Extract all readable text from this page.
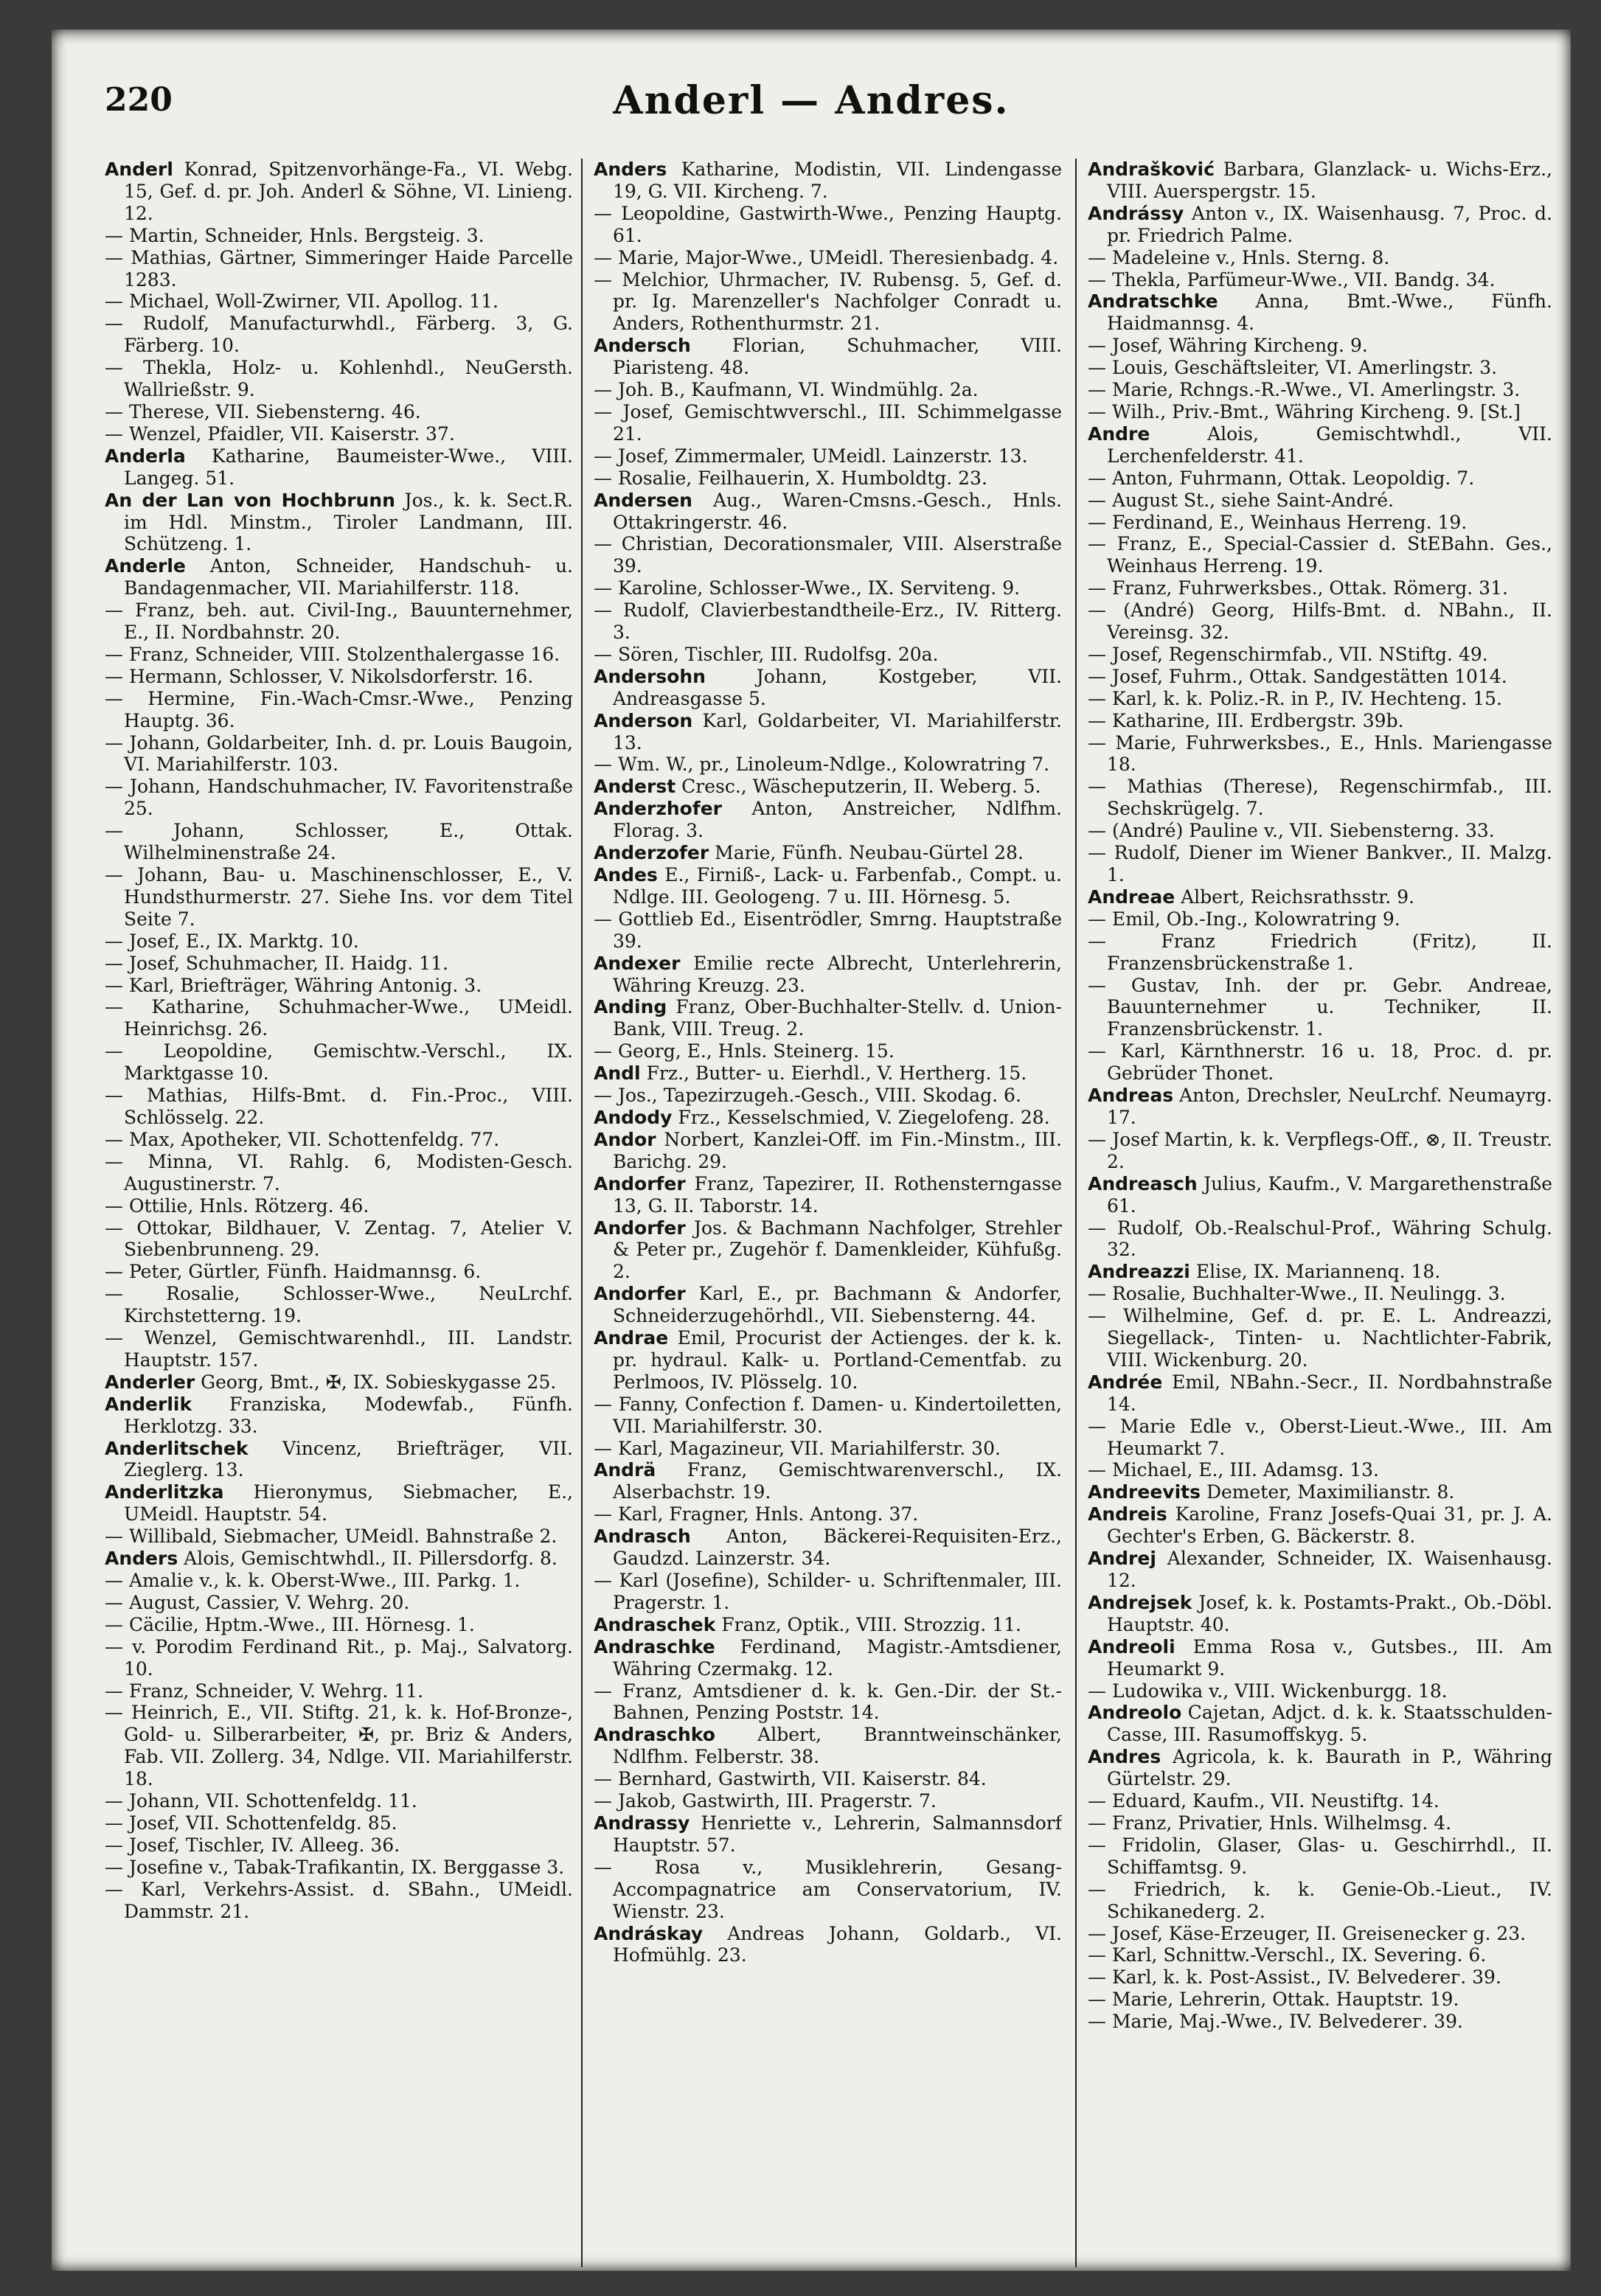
220	Anderl — Andres.

Anderl Konrad, Spitzenvorhänge-Fa., VI. Webg. 15, Gef. d. pr. Joh. Anderl & Söhne, VI. Linieng. 12.

— Martin, Schneider, Hnls. Bergsteig. 3.

— Mathias, Gärtner, Simmeringer Haide Parcelle 1283.

— Michael, Woll-Zwirner, VII. Apollog. 11.

— Rudolf, Manufacturwhdl., Färberg. 3, G. Färberg. 10.

— Thekla, Holz- u. Kohlenhdl., NeuGersth. Wallrießstr. 9.

— Therese, VII. Siebensterng. 46.

— Wenzel, Pfaidler, VII. Kaiserstr. 37.

Anderla Katharine, Baumeister-Wwe., VIII. Langeg. 51.

An der Lan von Hochbrunn Jos., k. k. Sect.R. im Hdl. Minstm., Tiroler Landmann, III. Schützeng. 1.

Anderle Anton, Schneider, Handschuh- u. Bandagenmacher, VII. Mariahilferstr. 118.

— Franz, beh. aut. Civil-Ing., Bauunternehmer, E., II. Nordbahnstr. 20.

— Franz, Schneider, VIII. Stolzenthalergasse 16.

— Hermann, Schlosser, V. Nikolsdorferstr. 16.

— Hermine, Fin.-Wach-Cmsr.-Wwe., Penzing Hauptg. 36.

— Johann, Goldarbeiter, Inh. d. pr. Louis Baugoin, VI. Mariahilferstr. 103.

— Johann, Handschuhmacher, IV. Favoritenstraße 25.

— Johann, Schlosser, E., Ottak. Wilhelminenstraße 24.

— Johann, Bau- u. Maschinenschlosser, E., V. Hundsthurmerstr. 27. Siehe Ins. vor dem Titel Seite 7.

— Josef, E., IX. Marktg. 10.

— Josef, Schuhmacher, II. Haidg. 11.

— Karl, Briefträger, Währing Antonig. 3.

— Katharine, Schuhmacher-Wwe., UMeidl. Heinrichsg. 26.

— Leopoldine, Gemischtw.-Verschl., IX. Marktgasse 10.

— Mathias, Hilfs-Bmt. d. Fin.-Proc., VIII. Schlösselg. 22.

— Max, Apotheker, VII. Schottenfeldg. 77.

— Minna, VI. Rahlg. 6, Modisten-Gesch. Augustinerstr. 7.

— Ottilie, Hnls. Rötzerg. 46.

— Ottokar, Bildhauer, V. Zentag. 7, Atelier V. Siebenbrunneng. 29.

— Peter, Gürtler, Fünfh. Haidmannsg. 6.

— Rosalie, Schlosser-Wwe., NeuLrchf. Kirchstetterng. 19.

— Wenzel, Gemischtwarenhdl., III. Landstr. Hauptstr. 157.

Anderler Georg, Bmt., ✠, IX. Sobieskygasse 25.

Anderlik Franziska, Modewfab., Fünfh. Herklotzg. 33.

Anderlitschek Vincenz, Briefträger, VII. Zieglerg. 13.

Anderlitzka Hieronymus, Siebmacher, E., UMeidl. Hauptstr. 54.

— Willibald, Siebmacher, UMeidl. Bahnstraße 2.

Anders Alois, Gemischtwhdl., II. Pillersdorfg. 8.

— Amalie v., k. k. Oberst-Wwe., III. Parkg. 1.

— August, Cassier, V. Wehrg. 20.

— Cäcilie, Hptm.-Wwe., III. Hörnesg. 1.

— v. Porodim Ferdinand Rit., p. Maj., Salvatorg. 10.

— Franz, Schneider, V. Wehrg. 11.

— Heinrich, E., VII. Stiftg. 21, k. k. Hof-Bronze-, Gold- u. Silberarbeiter, ✠, pr. Briz & Anders, Fab. VII. Zollerg. 34, Ndlge. VII. Mariahilferstr. 18.

— Johann, VII. Schottenfeldg. 11.

— Josef, VII. Schottenfeldg. 85.

— Josef, Tischler, IV. Alleeg. 36.

— Josefine v., Tabak-Trafikantin, IX. Berggasse 3.

— Karl, Verkehrs-Assist. d. SBahn., UMeidl. Dammstr. 21.

Anders Katharine, Modistin, VII. Lindengasse 19, G. VII. Kircheng. 7.

— Leopoldine, Gastwirth-Wwe., Penzing Hauptg. 61.

— Marie, Major-Wwe., UMeidl. Theresienbadg. 4.

— Melchior, Uhrmacher, IV. Rubensg. 5, Gef. d. pr. Ig. Marenzeller's Nachfolger Conradt u. Anders, Rothenthurmstr. 21.

Andersch Florian, Schuhmacher, VIII. Piaristeng. 48.

— Joh. B., Kaufmann, VI. Windmühlg. 2a.

— Josef, Gemischtwverschl., III. Schimmelgasse 21.

— Josef, Zimmermaler, UMeidl. Lainzerstr. 13.

— Rosalie, Feilhauerin, X. Humboldtg. 23.

Andersen Aug., Waren-Cmsns.-Gesch., Hnls. Ottakringerstr. 46.

— Christian, Decorationsmaler, VIII. Alserstraße 39.

— Karoline, Schlosser-Wwe., IX. Serviteng. 9.

— Rudolf, Clavierbestandtheile-Erz., IV. Ritterg. 3.

— Sören, Tischler, III. Rudolfsg. 20a.

Andersohn	Johann, Kostgeber, VII. Andreasgasse 5.

Anderson Karl, Goldarbeiter, VI. Mariahilferstr. 13.

— Wm. W., pr., Linoleum-Ndlge., Kolowratring 7.

Anderst Cresc., Wäscheputzerin, II. Weberg. 5.

Anderzhofer Anton, Anstreicher, Ndlfhm. Florag. 3.

Anderzofer Marie, Fünfh. Neubau-Gürtel 28.

Andes E., Firniß-, Lack- u. Farbenfab., Compt. u. Ndlge. III. Geologeng. 7 u. III. Hörnesg. 5.

— Gottlieb Ed., Eisentrödler, Smrng. Hauptstraße 39.

Andexer Emilie recte Albrecht, Unterlehrerin, Währing Kreuzg. 23.

Anding Franz, Ober-Buchhalter-Stellv. d. Union-Bank, VIII. Treug. 2.

— Georg, E., Hnls. Steinerg. 15.

Andl Frz., Butter- u. Eierhdl., V. Hertherg. 15.

— Jos., Tapezirzugeh.-Gesch., VIII. Skodag. 6.

Andody Frz., Kesselschmied, V. Ziegelofeng. 28.

Andor Norbert, Kanzlei-Off. im Fin.-Minstm., III. Barichg. 29.

Andorfer Franz, Tapezirer, II. Rothensterngasse 13, G. II. Taborstr. 14.

Andorfer Jos. & Bachmann Nachfolger, Strehler & Peter pr., Zugehör f. Damenkleider, Kühfußg. 2.

Andorfer Karl, E., pr. Bachmann & Andorfer, Schneiderzugehörhdl., VII. Siebensterng. 44.

Andrae Emil, Procurist der Actienges. der k. k. pr. hydraul. Kalk- u. Portland-Cementfab. zu Perlmoos, IV. Plösselg. 10.

— Fanny, Confection f. Damen- u. Kindertoiletten, VII. Mariahilferstr. 30.

— Karl, Magazineur, VII. Mariahilferstr. 30.

Andrä Franz, Gemischtwarenverschl., IX. Alserbachstr. 19.

— Karl, Fragner, Hnls. Antong. 37.

Andrasch Anton, Bäckerei-Requisiten-Erz., Gaudzd. Lainzerstr. 34.

— Karl (Josefine), Schilder- u. Schriftenmaler, III. Pragerstr. 1.

Andraschek Franz, Optik., VIII. Strozzig. 11.

Andraschke Ferdinand, Magistr.-Amtsdiener, Währing Czermakg. 12.

— Franz, Amtsdiener d. k. k. Gen.-Dir. der St.-Bahnen, Penzing Poststr. 14.

Andraschko Albert, Branntweinschänker, Ndlfhm. Felberstr. 38.

— Bernhard, Gastwirth, VII. Kaiserstr. 84.

— Jakob, Gastwirth, III. Pragerstr. 7.

Andrassy Henriette v., Lehrerin, Salmannsdorf Hauptstr. 57.

— Rosa v., Musiklehrerin, Gesang-Accompagnatrice am Conservatorium, IV. Wienstr. 23.

Andráskay Andreas Johann, Goldarb., VI. Hofmühlg. 23.

Andrašković Barbara, Glanzlack- u. Wichs-Erz., VIII. Auerspergstr. 15.

Andrássy Anton v., IX. Waisenhausg. 7, Proc. d. pr. Friedrich Palme.

— Madeleine v., Hnls. Sterng. 8.

— Thekla, Parfümeur-Wwe., VII. Bandg. 34.

Andratschke Anna, Bmt.-Wwe., Fünfh. Haidmannsg. 4.

— Josef, Währing Kircheng. 9.

— Louis, Geschäftsleiter, VI. Amerlingstr. 3.

— Marie, Rchngs.-R.-Wwe., VI. Amerlingstr. 3.

— Wilh., Priv.-Bmt., Währing Kircheng. 9. [St.]

Andre	Alois, Gemischtwhdl., VII. Lerchenfelderstr. 41.

— Anton, Fuhrmann, Ottak. Leopoldig. 7.

— August St., siehe Saint-André.

— Ferdinand, E., Weinhaus Herreng. 19.

— Franz, E., Special-Cassier d. StEBahn. Ges., Weinhaus Herreng. 19.

— Franz, Fuhrwerksbes., Ottak. Römerg. 31.

— (André) Georg, Hilfs-Bmt. d. NBahn., II. Vereinsg. 32.

— Josef, Regenschirmfab., VII. NStiftg. 49.

— Josef, Fuhrm., Ottak. Sandgestätten 1014.

— Karl, k. k. Poliz.-R. in P., IV. Hechteng. 15.

— Katharine, III. Erdbergstr. 39b.

— Marie, Fuhrwerksbes., E., Hnls. Mariengasse 18.

— Mathias (Therese), Regenschirmfab., III. Sechskrügelg. 7.

— (André) Pauline v., VII. Siebensterng. 33.

— Rudolf, Diener im Wiener Bankver., II. Malzg. 1.

Andreae Albert, Reichsrathsstr. 9.

— Emil, Ob.-Ing., Kolowratring 9.

— Franz Friedrich (Fritz), II. Franzensbrückenstraße 1.

— Gustav, Inh. der pr. Gebr. Andreae, Bauunternehmer u. Techniker, II. Franzensbrückenstr. 1.

— Karl, Kärnthnerstr. 16 u. 18, Proc. d. pr. Gebrüder Thonet.

Andreas Anton, Drechsler, NeuLrchf. Neumayrg. 17.

— Josef Martin, k. k. Verpflegs-Off., ⊗, II. Treustr. 2.

Andreasch Julius, Kaufm., V. Margarethenstraße 61.

— Rudolf, Ob.-Realschul-Prof., Währing Schulg. 32.

Andreazzi Elise, IX. Mariannenq. 18.

— Rosalie, Buchhalter-Wwe., II. Neulingg. 3.

— Wilhelmine, Gef. d. pr. E. L. Andreazzi, Siegellack-, Tinten- u. Nachtlichter-Fabrik, VIII. Wickenburg. 20.

Andrée Emil, NBahn.-Secr., II. Nordbahnstraße 14.

— Marie Edle v., Oberst-Lieut.-Wwe., III. Am Heumarkt 7.

— Michael, E., III. Adamsg. 13.

Andreevits Demeter, Maximilianstr. 8.

Andreis Karoline, Franz Josefs-Quai 31, pr. J. A. Gechter's Erben, G. Bäckerstr. 8.

Andrej Alexander, Schneider, IX. Waisenhausg. 12.

Andrejsek Josef, k. k. Postamts-Prakt., Ob.-Döbl. Hauptstr. 40.

Andreoli Emma Rosa v., Gutsbes., III. Am Heumarkt 9.

— Ludowika v., VIII. Wickenburgg. 18.

Andreolo Cajetan, Adjct. d. k. k. Staatsschulden-Casse, III. Rasumoffskyg. 5.

Andres Agricola, k. k. Baurath in P., Währing Gürtelstr. 29.

— Eduard, Kaufm., VII. Neustiftg. 14.

— Franz, Privatier, Hnls. Wilhelmsg. 4.

— Fridolin, Glaser, Glas- u. Geschirrhdl., II. Schiffamtsg. 9.

— Friedrich, k. k. Genie-Ob.-Lieut., IV. Schikanederg. 2.

— Josef, Käse-Erzeuger, II. Greisenecker g. 23.

— Karl, Schnittw.-Verschl., IX. Severing. 6.

— Karl, k. k. Post-Assist., IV. Belvederег. 39.

— Marie, Lehrerin, Ottak. Hauptstr. 19.

— Marie, Maj.-Wwe., IV. Belvederег. 39.
